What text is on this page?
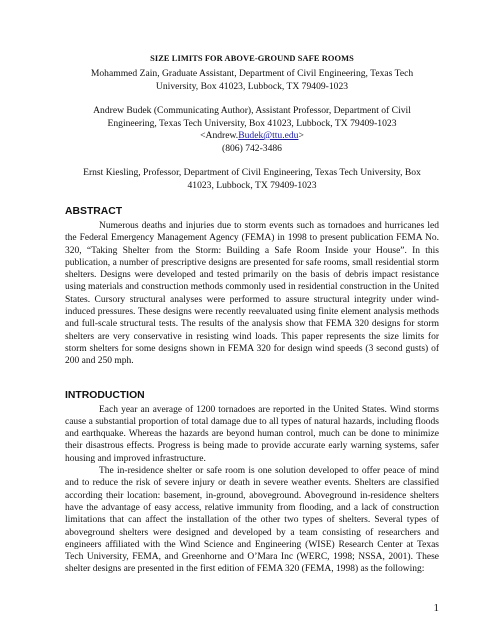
SIZE LIMITS FOR ABOVE-GROUND SAFE ROOMS
Mohammed Zain, Graduate Assistant, Department of Civil Engineering, Texas Tech
University, Box 41023, Lubbock, TX 79409-1023
Andrew Budek (Communicating Author), Assistant Professor, Department of Civil
Engineering, Texas Tech University, Box 41023, Lubbock, TX 79409-1023
<Andrew.Budek@ttu.edu>
(806) 742-3486
Ernst Kiesling, Professor, Department of Civil Engineering, Texas Tech University, Box
41023, Lubbock, TX 79409-1023
ABSTRACT

Numerous deaths and injuries due to storm events such as tornadoes and hurricanes led the Federal Emergency Management Agency (FEMA) in 1998 to present publication FEMA No. 320, “Taking Shelter from the Storm: Building a Safe Room Inside your House”. In this publication, a number of prescriptive designs are presented for safe rooms, small residential storm shelters. Designs were developed and tested primarily on the basis of debris impact resistance using materials and construction methods commonly used in residential construction in the United States. Cursory structural analyses were performed to assure structural integrity under wind-induced pressures. These designs were recently reevaluated using finite element analysis methods and full-scale structural tests. The results of the analysis show that FEMA 320 designs for storm shelters are very conservative in resisting wind loads. This paper represents the size limits for storm shelters for some designs shown in FEMA 320 for design wind speeds (3 second gusts) of 200 and 250 mph.

INTRODUCTION

Each year an average of 1200 tornadoes are reported in the United States. Wind storms cause a substantial proportion of total damage due to all types of natural hazards, including floods and earthquake. Whereas the hazards are beyond human control, much can be done to minimize their disastrous effects. Progress is being made to provide accurate early warning systems, safer housing and improved infrastructure.

The in-residence shelter or safe room is one solution developed to offer peace of mind and to reduce the risk of severe injury or death in severe weather events. Shelters are classified according their location: basement, in-ground, aboveground. Aboveground in-residence shelters have the advantage of easy access, relative immunity from flooding, and a lack of construction limitations that can affect the installation of the other two types of shelters. Several types of aboveground shelters were designed and developed by a team consisting of researchers and engineers affiliated with the Wind Science and Engineering (WISE) Research Center at Texas Tech University, FEMA, and Greenhorne and O’Mara Inc (WERC, 1998; NSSA, 2001). These shelter designs are presented in the first edition of FEMA 320 (FEMA, 1998) as the following:

1
